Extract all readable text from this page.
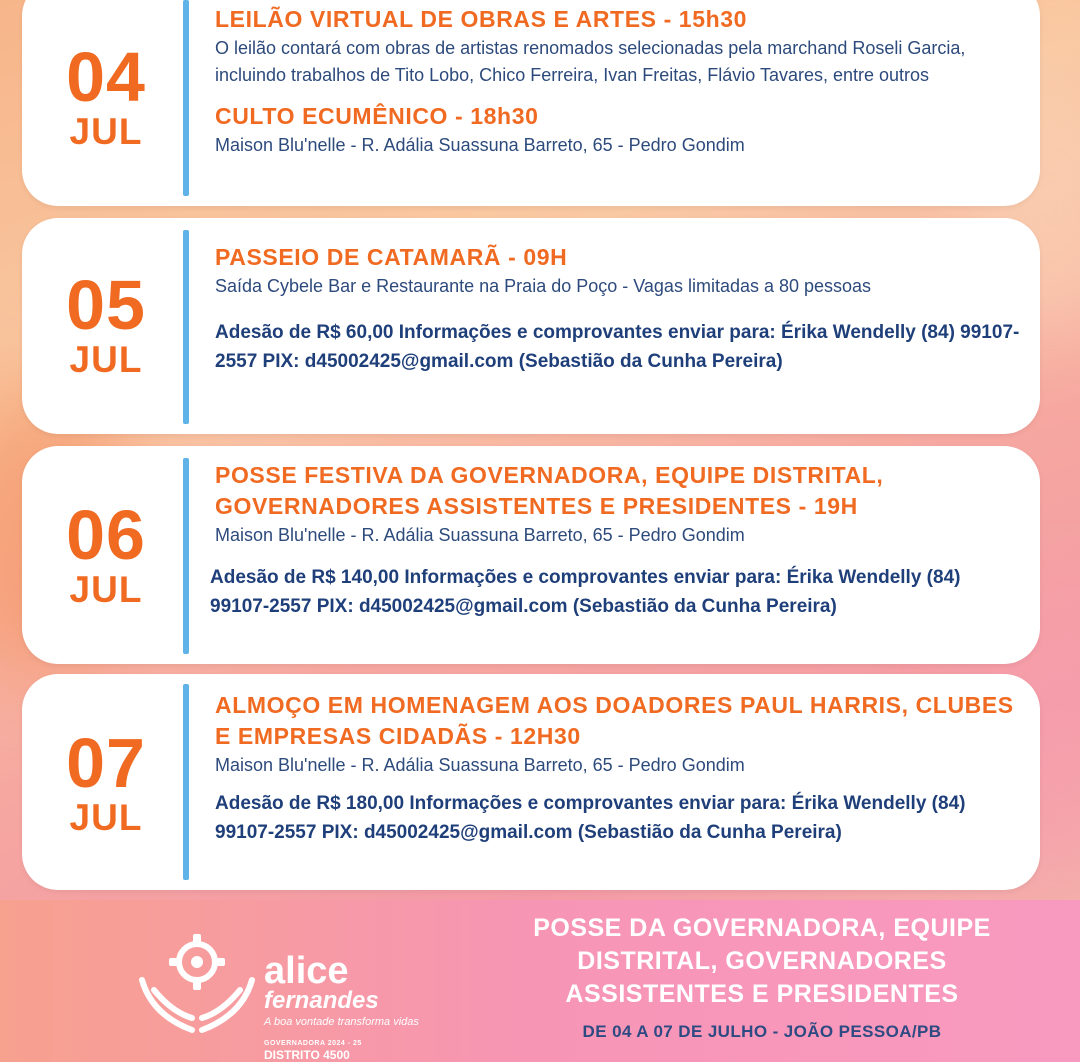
04
JUL

LEILÃO VIRTUAL DE OBRAS E ARTES - 15h30

O leilão contará com obras de artistas renomados selecionadas pela marchand Roseli Garcia, incluindo trabalhos de Tito Lobo, Chico Ferreira, Ivan Freitas, Flávio Tavares, entre outros

CULTO ECUMÊNICO - 18h30

Maison Blu'nelle - R. Adália Suassuna Barreto, 65 - Pedro Gondim

05
JUL

PASSEIO DE CATAMARÃ - 09H

Saída Cybele Bar e Restaurante na Praia do Poço - Vagas limitadas a 80 pessoas

Adesão de R$ 60,00 Informações e comprovantes enviar para: Érika Wendelly (84) 99107-2557 PIX: d45002425@gmail.com (Sebastião da Cunha Pereira)

06
JUL

POSSE FESTIVA DA GOVERNADORA, EQUIPE DISTRITAL, GOVERNADORES ASSISTENTES E PRESIDENTES - 19H

Maison Blu'nelle - R. Adália Suassuna Barreto, 65 - Pedro Gondim

Adesão de R$ 140,00 Informações e comprovantes enviar para: Érika Wendelly (84) 99107-2557 PIX: d45002425@gmail.com (Sebastião da Cunha Pereira)

07
JUL

ALMOÇO EM HOMENAGEM AOS DOADORES PAUL HARRIS, CLUBES E EMPRESAS CIDADÃS - 12H30

Maison Blu'nelle - R. Adália Suassuna Barreto, 65 - Pedro Gondim

Adesão de R$ 180,00 Informações e comprovantes enviar para: Érika Wendelly (84) 99107-2557 PIX: d45002425@gmail.com (Sebastião da Cunha Pereira)

alice
fernandes
A boa vontade transforma vidas
GOVERNADORA 2024 - 25
DISTRITO 4500
POSSE DA GOVERNADORA, EQUIPE DISTRITAL, GOVERNADORES ASSISTENTES E PRESIDENTES
DE 04 A 07 DE JULHO - JOÃO PESSOA/PB
